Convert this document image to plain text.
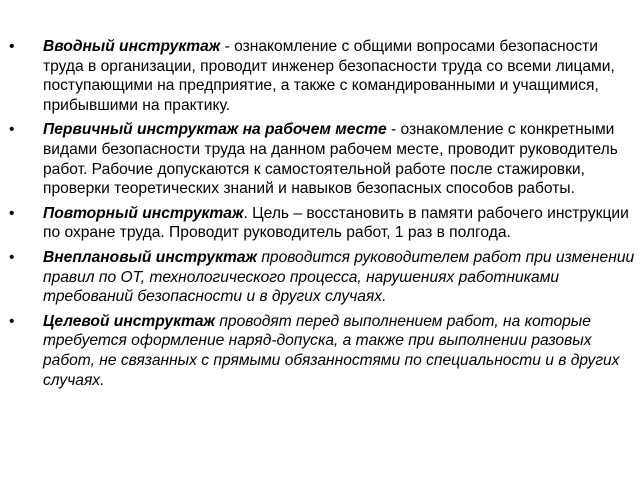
• Вводный инструктаж - ознакомление с общими вопросами безопасности труда в организации, проводит инженер безопасности труда со всеми лицами, поступающими на предприятие, а также с командированными и учащимися, прибывшими на практику.
• Первичный инструктаж на рабочем месте - ознакомление с конкретными видами безопасности труда на данном рабочем месте, проводит руководитель работ. Рабочие допускаются к самостоятельной работе после стажировки, проверки теоретических знаний и навыков безопасных способов работы.
• Повторный инструктаж. Цель – восстановить в памяти рабочего инструкции по охране труда. Проводит руководитель работ, 1 раз в полгода.
• Внеплановый инструктаж проводится руководителем работ при изменении правил по ОТ, технологического процесса, нарушениях работниками требований безопасности и в других случаях.
• Целевой инструктаж проводят перед выполнением работ, на которые требуется оформление наряд-допуска, а также при выполнении разовых работ, не связанных с прямыми обязанностями по специальности и в других случаях.
